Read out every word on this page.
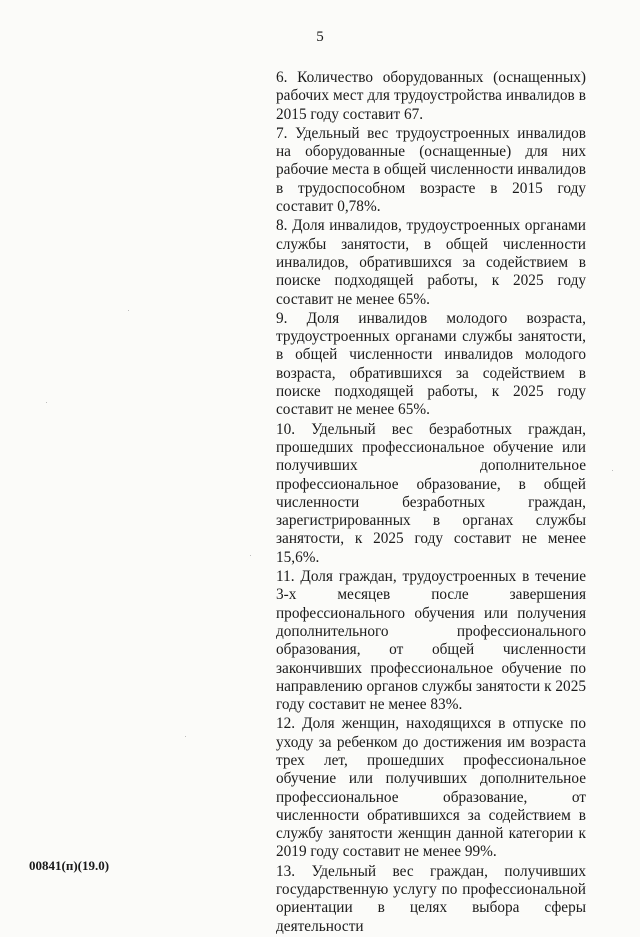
5

6. Количество оборудованных (оснащенных) рабочих мест для трудоустройства инвалидов в 2015 году составит 67.

7. Удельный вес трудоустроенных инвалидов на оборудованные (оснащенные) для них рабочие места в общей численности инвалидов в трудоспособном возрасте в 2015 году составит 0,78%.

8. Доля инвалидов, трудоустроенных органами службы занятости, в общей численности инвалидов, обратившихся за содействием в поиске подходящей работы, к 2025 году составит не менее 65%.

9. Доля инвалидов молодого возраста, трудоустроенных органами службы занятости, в общей численности инвалидов молодого возраста, обратившихся за содействием в поиске подходящей работы, к 2025 году составит не менее 65%.

10. Удельный вес безработных граждан, прошедших профессиональное обучение или получивших дополнительное профессиональное образование, в общей численности безработных граждан, зарегистрированных в органах службы занятости, к 2025 году составит не менее 15,6%.

11. Доля граждан, трудоустроенных в течение 3-х месяцев после завершения профессионального обучения или получения дополнительного профессионального образования, от общей численности закончивших профессиональное обучение по направлению органов службы занятости к 2025 году составит не менее 83%.

12. Доля женщин, находящихся в отпуске по уходу за ребенком до достижения им возраста трех лет, прошедших профессиональное обучение или получивших дополнительное профессиональное образование, от численности обратившихся за содействием в службу занятости женщин данной категории к 2019 году составит не менее 99%.

13. Удельный вес граждан, получивших государственную услугу по профессиональной ориентации в целях выбора сферы деятельности

00841(п)(19.0)
